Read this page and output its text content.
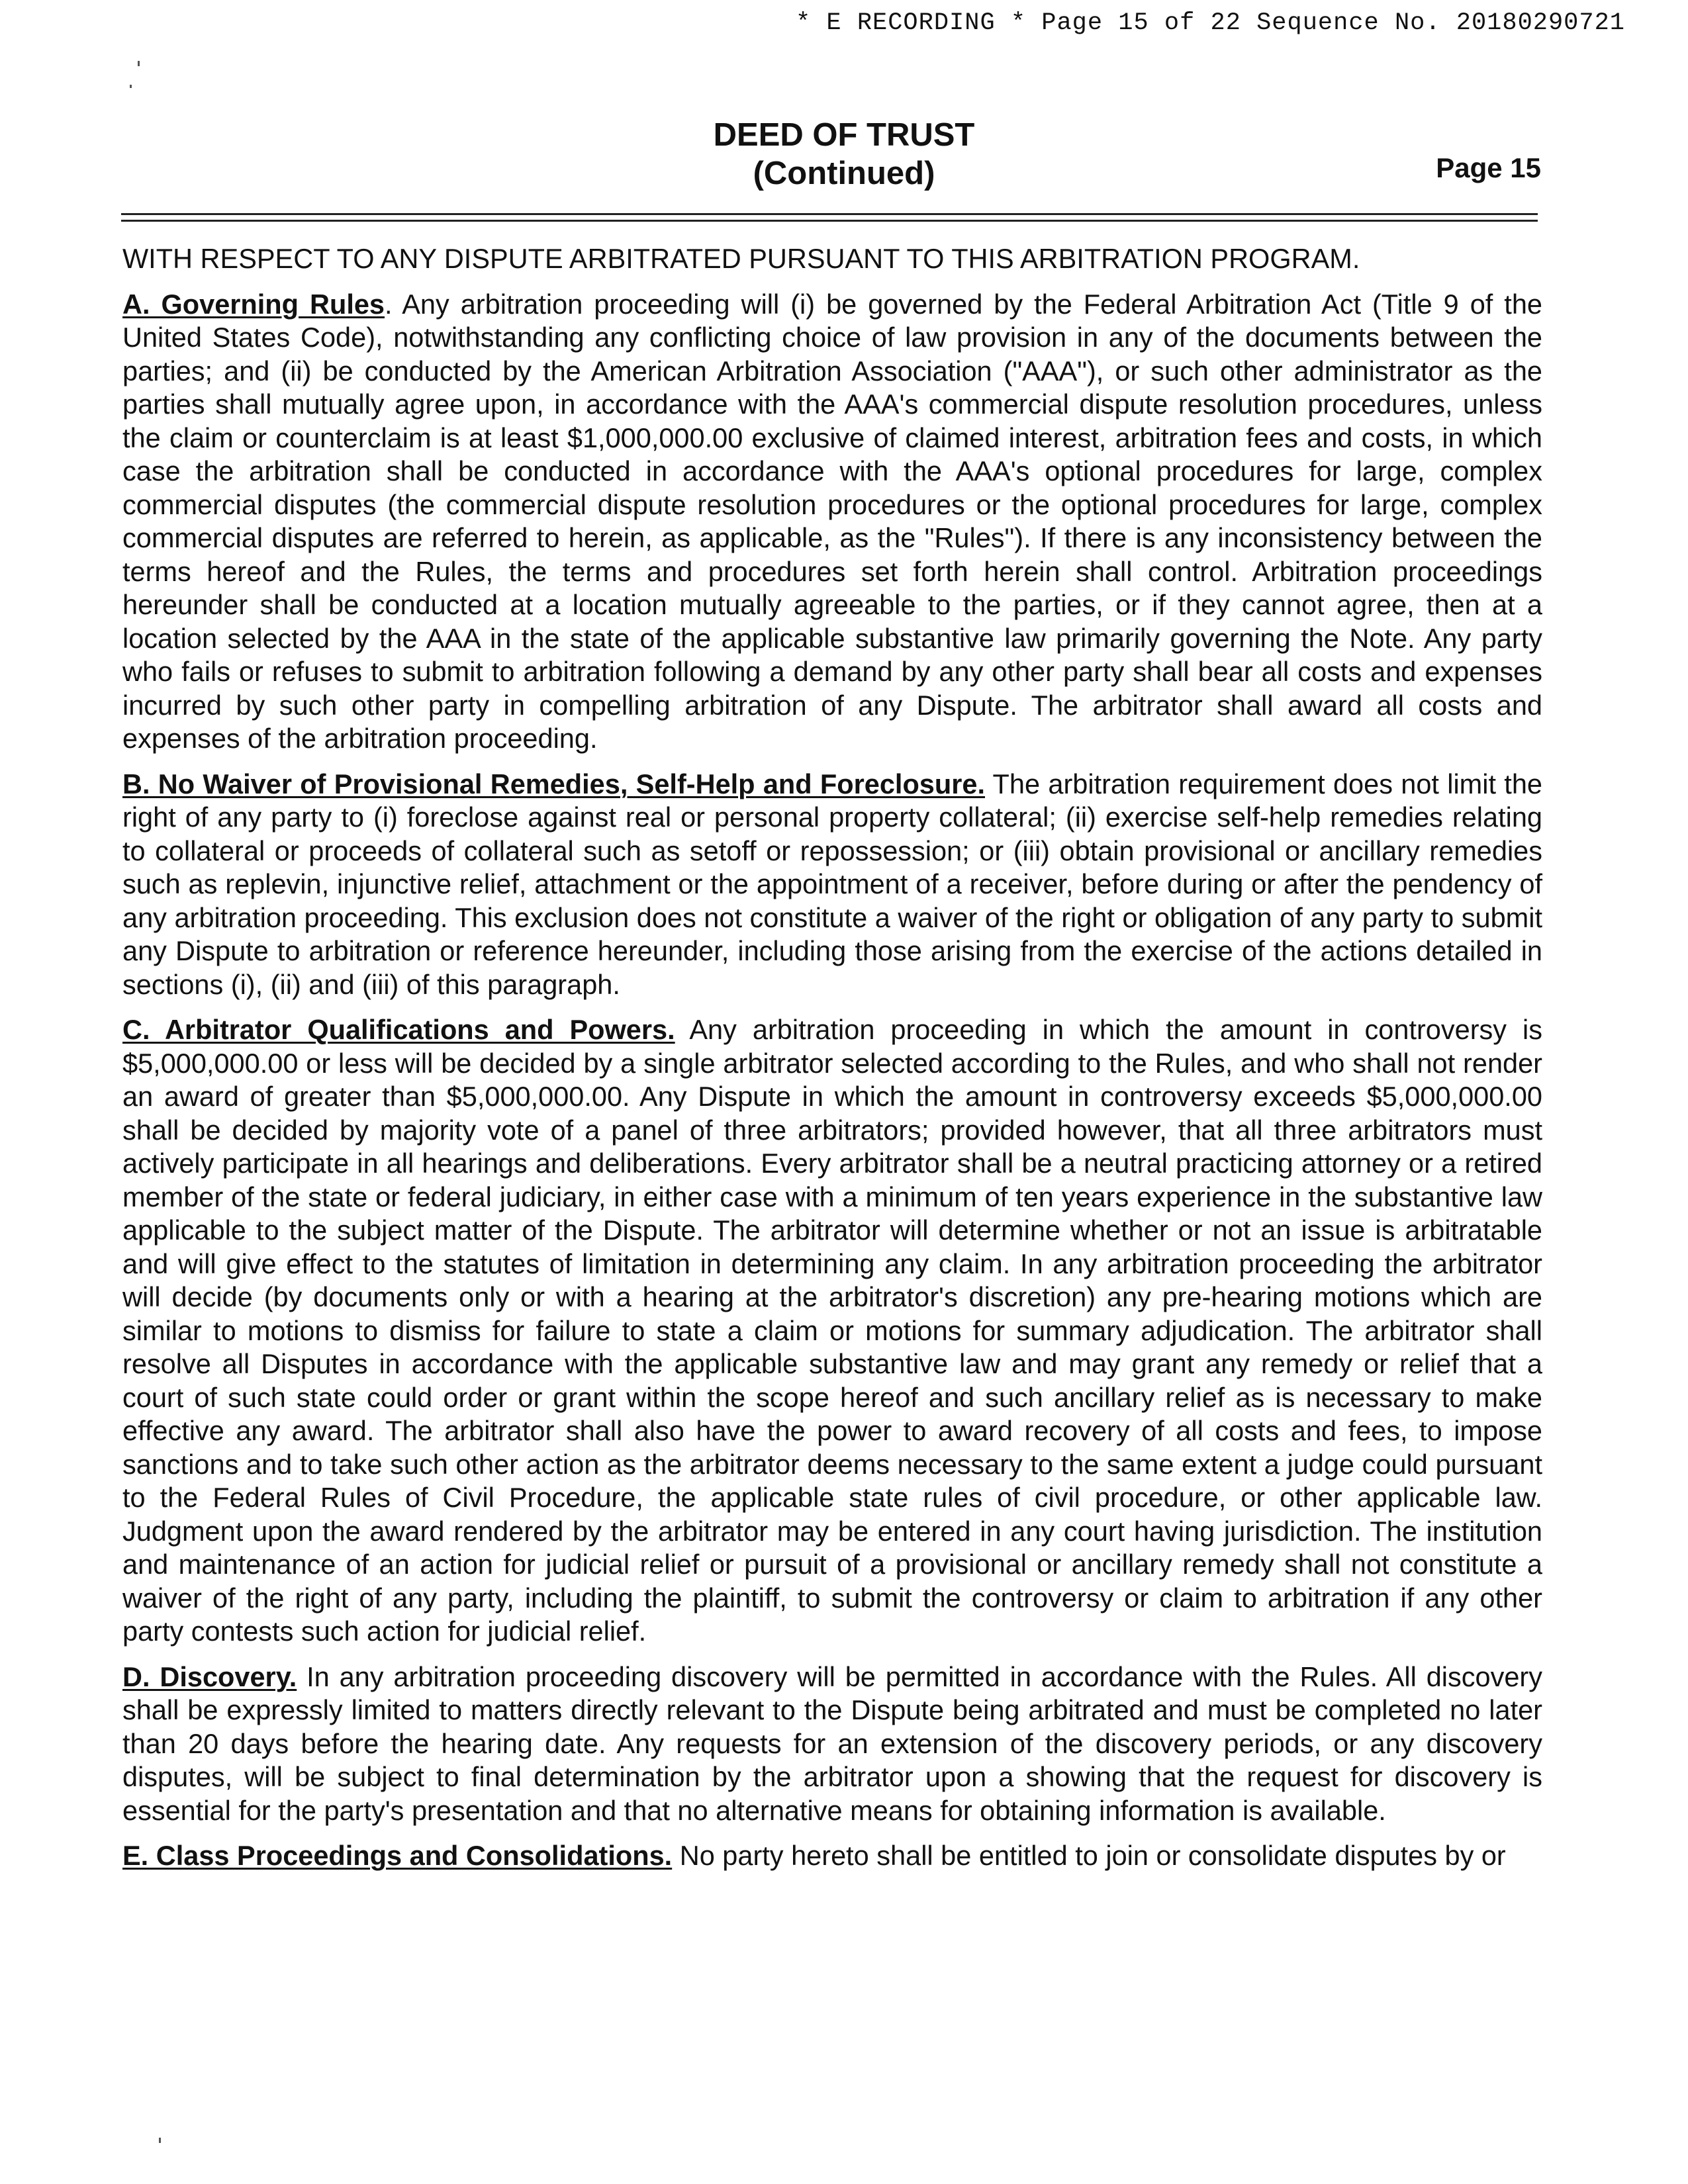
* E RECORDING * Page 15 of 22 Sequence No. 20180290721
DEED OF TRUST
(Continued)	Page 15

WITH RESPECT TO ANY DISPUTE ARBITRATED PURSUANT TO THIS ARBITRATION PROGRAM.

A. Governing Rules. Any arbitration proceeding will (i) be governed by the Federal Arbitration Act (Title 9 of the United States Code), notwithstanding any conflicting choice of law provision in any of the documents between the parties; and (ii) be conducted by the American Arbitration Association ("AAA"), or such other administrator as the parties shall mutually agree upon, in accordance with the AAA's commercial dispute resolution procedures, unless the claim or counterclaim is at least $1,000,000.00 exclusive of claimed interest, arbitration fees and costs, in which case the arbitration shall be conducted in accordance with the AAA's optional procedures for large, complex commercial disputes (the commercial dispute resolution procedures or the optional procedures for large, complex commercial disputes are referred to herein, as applicable, as the "Rules"). If there is any inconsistency between the terms hereof and the Rules, the terms and procedures set forth herein shall control. Arbitration proceedings hereunder shall be conducted at a location mutually agreeable to the parties, or if they cannot agree, then at a location selected by the AAA in the state of the applicable substantive law primarily governing the Note. Any party who fails or refuses to submit to arbitration following a demand by any other party shall bear all costs and expenses incurred by such other party in compelling arbitration of any Dispute. The arbitrator shall award all costs and expenses of the arbitration proceeding.

B. No Waiver of Provisional Remedies, Self-Help and Foreclosure. The arbitration requirement does not limit the right of any party to (i) foreclose against real or personal property collateral; (ii) exercise self-help remedies relating to collateral or proceeds of collateral such as setoff or repossession; or (iii) obtain provisional or ancillary remedies such as replevin, injunctive relief, attachment or the appointment of a receiver, before during or after the pendency of any arbitration proceeding. This exclusion does not constitute a waiver of the right or obligation of any party to submit any Dispute to arbitration or reference hereunder, including those arising from the exercise of the actions detailed in sections (i), (ii) and (iii) of this paragraph.

C. Arbitrator Qualifications and Powers. Any arbitration proceeding in which the amount in controversy is $5,000,000.00 or less will be decided by a single arbitrator selected according to the Rules, and who shall not render an award of greater than $5,000,000.00. Any Dispute in which the amount in controversy exceeds $5,000,000.00 shall be decided by majority vote of a panel of three arbitrators; provided however, that all three arbitrators must actively participate in all hearings and deliberations. Every arbitrator shall be a neutral practicing attorney or a retired member of the state or federal judiciary, in either case with a minimum of ten years experience in the substantive law applicable to the subject matter of the Dispute. The arbitrator will determine whether or not an issue is arbitratable and will give effect to the statutes of limitation in determining any claim. In any arbitration proceeding the arbitrator will decide (by documents only or with a hearing at the arbitrator's discretion) any pre-hearing motions which are similar to motions to dismiss for failure to state a claim or motions for summary adjudication. The arbitrator shall resolve all Disputes in accordance with the applicable substantive law and may grant any remedy or relief that a court of such state could order or grant within the scope hereof and such ancillary relief as is necessary to make effective any award. The arbitrator shall also have the power to award recovery of all costs and fees, to impose sanctions and to take such other action as the arbitrator deems necessary to the same extent a judge could pursuant to the Federal Rules of Civil Procedure, the applicable state rules of civil procedure, or other applicable law. Judgment upon the award rendered by the arbitrator may be entered in any court having jurisdiction. The institution and maintenance of an action for judicial relief or pursuit of a provisional or ancillary remedy shall not constitute a waiver of the right of any party, including the plaintiff, to submit the controversy or claim to arbitration if any other party contests such action for judicial relief.

D. Discovery. In any arbitration proceeding discovery will be permitted in accordance with the Rules. All discovery shall be expressly limited to matters directly relevant to the Dispute being arbitrated and must be completed no later than 20 days before the hearing date. Any requests for an extension of the discovery periods, or any discovery disputes, will be subject to final determination by the arbitrator upon a showing that the request for discovery is essential for the party's presentation and that no alternative means for obtaining information is available.

E. Class Proceedings and Consolidations. No party hereto shall be entitled to join or consolidate disputes by or
